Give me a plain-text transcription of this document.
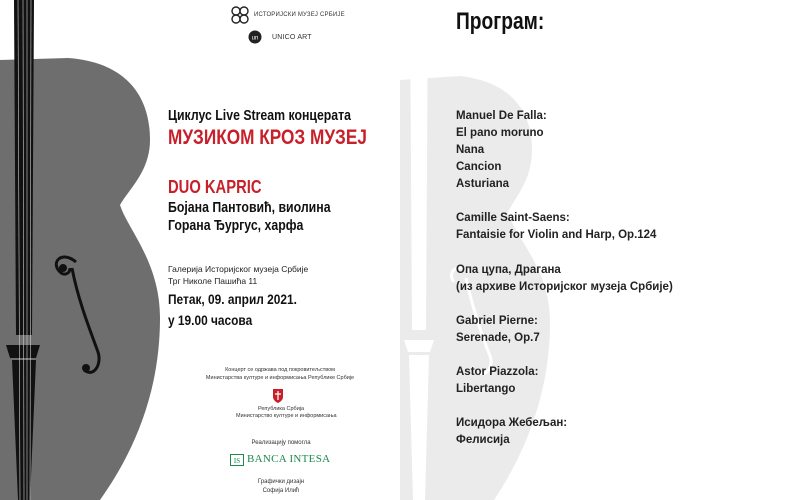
ИСТОРИЈСКИ МУЗЕЈ СРБИЈЕ
un UNICO ART
Циклус Live Stream концерата
МУЗИКОМ КРОЗ МУЗЕЈ
DUO KAPRIC
Бојана Пантовић, виолина
Горана Ђургус, харфа
Галерија Историјског музеја Србије
Трг Николе Пашића 11
Петак, 09. април 2021.
у 19.00 часова
Концерт се одржава под покровитељством
Министарства културе и информисања Републике Србије
Република Србија
Министарство културе и информисања
Реализацију помогла
IS BANCA INTESA
Графички дизајн
Софија Илић
Програм:
Manuel De Falla:
El pano moruno
Nana
Cancion
Asturiana
Camille Saint-Saens:
Fantaisie for Violin and Harp, Op.124
Опа цупа, Драгана
(из архиве Историјског музеја Србије)
Gabriel Pierne:
Serenade, Op.7
Astor Piazzola:
Libertango
Исидора Жебељан:
Фелисија
